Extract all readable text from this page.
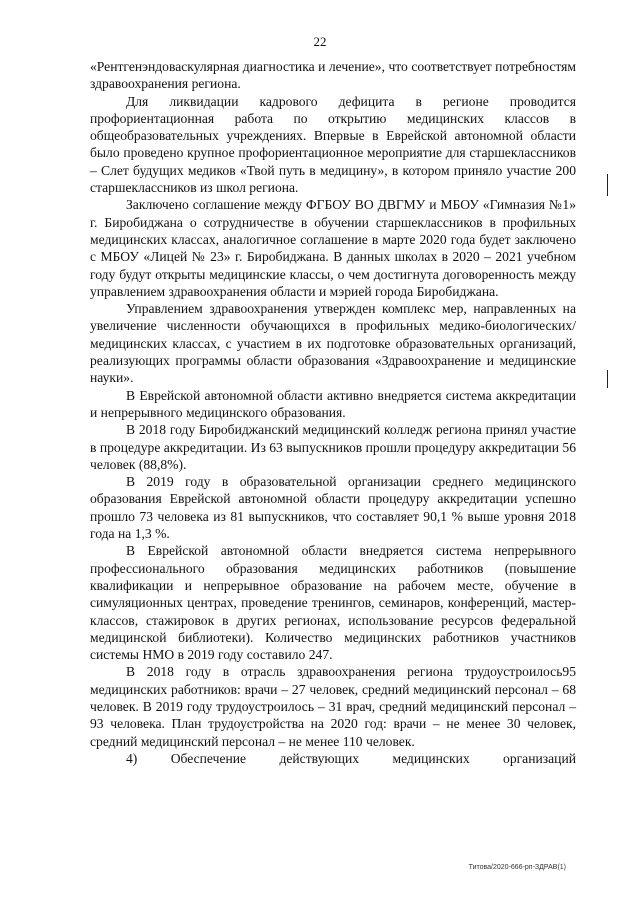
22

«Рентгенэндоваскулярная диагностика и лечение», что соответствует потребностям здравоохранения региона.

Для ликвидации кадрового дефицита в регионе проводится профориентационная работа по открытию медицинских классов в общеобразовательных учреждениях. Впервые в Еврейской автономной области было проведено крупное профориентационное мероприятие для старшеклассников – Слет будущих медиков «Твой путь в медицину», в котором приняло участие 200 старшеклассников из школ региона.

Заключено соглашение между ФГБОУ ВО ДВГМУ и МБОУ «Гимназия №1» г. Биробиджана о сотрудничестве в обучении старшеклассников в профильных медицинских классах, аналогичное соглашение в марте 2020 года будет заключено с МБОУ «Лицей № 23» г. Биробиджана. В данных школах в 2020 – 2021 учебном году будут открыты медицинские классы, о чем достигнута договоренность между управлением здравоохранения области и мэрией города Биробиджана.

Управлением здравоохранения утвержден комплекс мер, направленных на увеличение численности обучающихся в профильных медико-биологических/медицинских классах, с участием в их подготовке образовательных организаций, реализующих программы области образования «Здравоохранение и медицинские науки».

В Еврейской автономной области активно внедряется система аккредитации и непрерывного медицинского образования.

В 2018 году Биробиджанский медицинский колледж региона принял участие в процедуре аккредитации. Из 63 выпускников прошли процедуру аккредитации 56 человек (88,8%).

В 2019 году в образовательной организации среднего медицинского образования Еврейской автономной области процедуру аккредитации успешно прошло 73 человека из 81 выпускников, что составляет 90,1 % выше уровня 2018 года на 1,3 %.

В Еврейской автономной области внедряется система непрерывного профессионального образования медицинских работников (повышение квалификации и непрерывное образование на рабочем месте, обучение в симуляционных центрах, проведение тренингов, семинаров, конференций, мастер-классов, стажировок в других регионах, использование ресурсов федеральной медицинской библиотеки). Количество медицинских работников участников системы НМО в 2019 году составило 247.

В 2018 году в отрасль здравоохранения региона трудоустроилось95 медицинских работников: врачи – 27 человек, средний медицинский персонал – 68 человек. В 2019 году трудоустроилось – 31 врач, средний медицинский персонал – 93 человека. План трудоустройства на 2020 год: врачи – не менее 30 человек, средний медицинский персонал – не менее 110 человек.

4) Обеспечение действующих медицинских организаций

Титова/2020-666-рп-ЗДРАВ(1)
